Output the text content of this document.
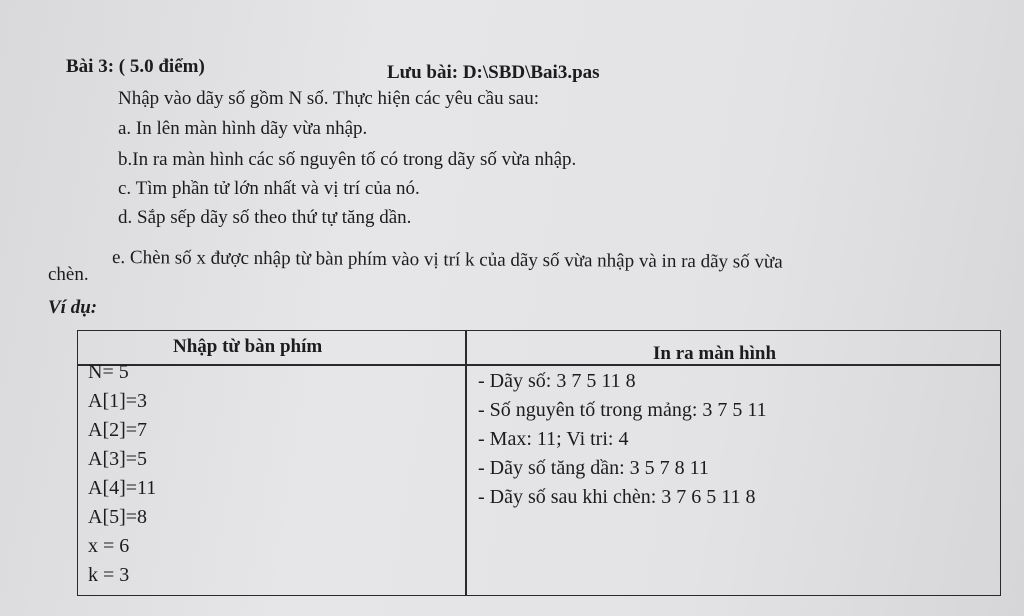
Bài 3: ( 5.0 điểm)	Lưu bài: D:\SBD\Bai3.pas
Nhập vào dãy số gồm N số. Thực hiện các yêu cầu sau:
a. In lên màn hình dãy vừa nhập.
b.In ra màn hình các số nguyên tố có trong dãy số vừa nhập.
c. Tìm phần tử lớn nhất và vị trí của nó.
d. Sắp sếp dãy số theo thứ tự tăng dần.
e. Chèn số x được nhập từ bàn phím vào vị trí k của dãy số vừa nhập và in ra dãy số vừa
chèn.
Ví dụ:
Nhập từ bàn phím	In ra màn hình
N= 5
A[1]=3
A[2]=7
A[3]=5
A[4]=11
A[5]=8
x = 6
k = 3
- Dãy số: 3 7 5 11 8
- Số nguyên tố trong mảng: 3 7 5 11
- Max: 11; Vi tri: 4
- Dãy số tăng dần: 3 5 7 8 11
- Dãy số sau khi chèn: 3 7 6 5 11 8
